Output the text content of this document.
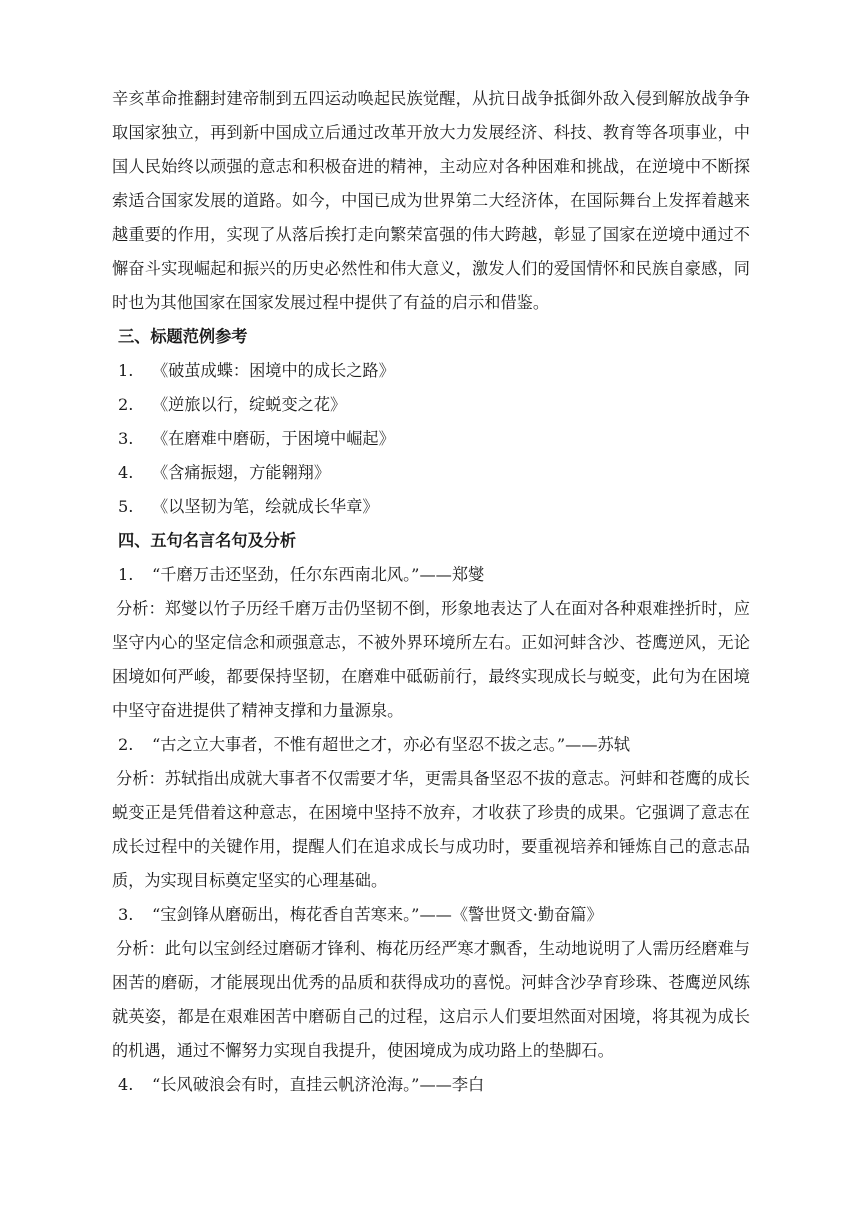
辛亥革命推翻封建帝制到五四运动唤起民族觉醒，从抗日战争抵御外敌入侵到解放战争争取国家独立，再到新中国成立后通过改革开放大力发展经济、科技、教育等各项事业，中国人民始终以顽强的意志和积极奋进的精神，主动应对各种困难和挑战，在逆境中不断探索适合国家发展的道路。如今，中国已成为世界第二大经济体，在国际舞台上发挥着越来越重要的作用，实现了从落后挨打走向繁荣富强的伟大跨越，彰显了国家在逆境中通过不懈奋斗实现崛起和振兴的历史必然性和伟大意义，激发人们的爱国情怀和民族自豪感，同时也为其他国家在国家发展过程中提供了有益的启示和借鉴。

三、标题范例参考
1. 《破茧成蝶：困境中的成长之路》
2. 《逆旅以行，绽蜕变之花》
3. 《在磨难中磨砺，于困境中崛起》
4. 《含痛振翅，方能翱翔》
5. 《以坚韧为笔，绘就成长华章》
四、五句名言名句及分析
1. “千磨万击还坚劲，任尔东西南北风。”——郑燮

分析：郑燮以竹子历经千磨万击仍坚韧不倒，形象地表达了人在面对各种艰难挫折时，应坚守内心的坚定信念和顽强意志，不被外界环境所左右。正如河蚌含沙、苍鹰逆风，无论困境如何严峻，都要保持坚韧，在磨难中砥砺前行，最终实现成长与蜕变，此句为在困境中坚守奋进提供了精神支撑和力量源泉。

2. “古之立大事者，不惟有超世之才，亦必有坚忍不拔之志。”——苏轼

分析：苏轼指出成就大事者不仅需要才华，更需具备坚忍不拔的意志。河蚌和苍鹰的成长蜕变正是凭借着这种意志，在困境中坚持不放弃，才收获了珍贵的成果。它强调了意志在成长过程中的关键作用，提醒人们在追求成长与成功时，要重视培养和锤炼自己的意志品质，为实现目标奠定坚实的心理基础。

3. “宝剑锋从磨砺出，梅花香自苦寒来。”——《警世贤文·勤奋篇》

分析：此句以宝剑经过磨砺才锋利、梅花历经严寒才飘香，生动地说明了人需历经磨难与困苦的磨砺，才能展现出优秀的品质和获得成功的喜悦。河蚌含沙孕育珍珠、苍鹰逆风练就英姿，都是在艰难困苦中磨砺自己的过程，这启示人们要坦然面对困境，将其视为成长的机遇，通过不懈努力实现自我提升，使困境成为成功路上的垫脚石。

4. “长风破浪会有时，直挂云帆济沧海。”——李白
